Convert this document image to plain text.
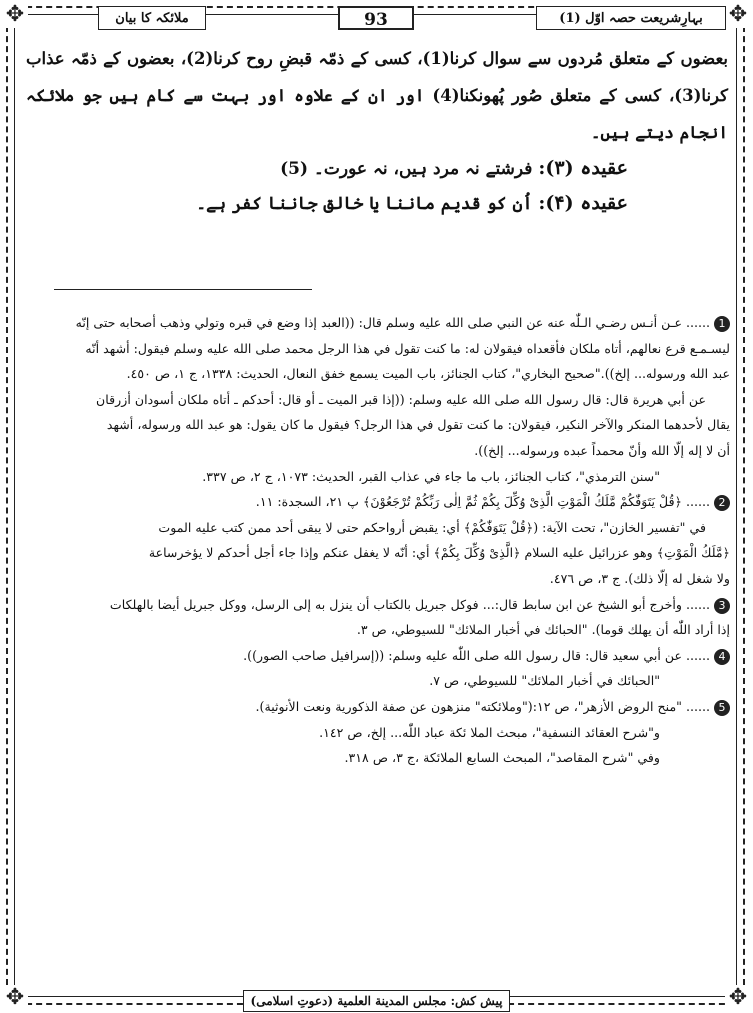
✥	✥
✥	✥
بہارِشریعت حصہ اوّل (1)
93
ملائکہ کا بیان
بعضوں کے متعلق مُردوں سے سوال کرنا(1)، کسی کے ذمّہ قبضِ روح کرنا(2)، بعضوں کے ذمّہ عذاب کرنا(3)، کسی کے متعلق صُور پُھونکنا(4) اور ان کے علاوہ اور بہت سے کام ہیں جو ملائکہ انجام دیتے ہیں۔
عقیدہ (۳): فرشتے نہ مرد ہیں، نہ عورت۔ (5)
عقیدہ (۴): اُن کو قدیم ماننا یا خالق جاننا کفر ہے۔
1...... عـن أنـس رضـي الـلّٰه عنه عن النبي صلى الله عليه وسلم قال: ((العبد إذا وضع في قبره وتولي وذهب أصحابه حتى إنّه
ليسـمـع قرع نعالهم، أتاه ملكان فأقعداه فيقولان له: ما كنت تقول في هذا الرجل محمد صلى الله عليه وسلم فيقول: أشهد أنّه
عبد الله ورسوله... إلخ))."صحيح البخاري"، كتاب الجنائز، باب الميت يسمع خفق النعال، الحديث: ١٣٣٨، ج ١، ص ٤٥٠.
عن أبي هريرة قال: قال رسول الله صلى الله عليه وسلم: ((إذا قبر الميت ـ أو قال: أحدكم ـ أتاه ملكان أسودان أزرقان
يقال لأحدهما المنكر والآخر النكير، فيقولان: ما كنت تقول في هذا الرجل؟ فيقول ما كان يقول: هو عبد الله ورسوله، أشهد
أن لا إله إلّا الله وأنّ محمداً عبده ورسوله... إلخ)).
"سنن الترمذي"، كتاب الجنائز، باب ما جاء في عذاب القبر، الحديث: ١٠٧٣، ج ٢، ص ٣٣٧.
2...... ﴿قُلْ يَتَوَفّٰكُمْ مَّلَكُ الْمَوْتِ الَّذِىْ وُكِّلَ بِكُمْ ثُمَّ اِلٰى رَبِّكُمْ تُرْجَعُوْنَ﴾ پ ٢١، السجدة: ١١.
في "تفسير الخازن"، تحت الآية: (﴿قُلْ يَتَوَفّٰكُمْ﴾ أي: يقبض أرواحكم حتى لا يبقى أحد ممن كتب عليه الموت
﴿مَّلَكُ الْمَوْتِ﴾ وهو عزرائيل عليه السلام ﴿الَّذِىْ وُكِّلَ بِكُمْ﴾ أي: أنّه لا يغفل عنكم وإذا جاء أجل أحدكم لا يؤخرساعة
ولا شغل له إلّا ذلك). ج ٣، ص ٤٧٦.
3...... وأخرج أبو الشيخ عن ابن سابط قال:... فوكل جبريل بالكتاب أن ينزل به إلى الرسل، ووكل جبريل أيضا بالهلكات
إذا أراد اللّٰه أن يهلك قوما). "الحبائك في أخبار الملائك" للسيوطي، ص ٣.
4...... عن أبي سعيد قال: قال رسول الله صلى اللّٰه عليه وسلم: ((إسرافيل صاحب الصور)).
"الحبائك في أخبار الملائك" للسيوطي، ص ٧.
5...... "منح الروض الأزهر"، ص ١٢:("وملائكته" منزهون عن صفة الذكورية ونعت الأنوثية).
و"شرح العقائد النسفية"، مبحث الملا ئكة عباد اللّٰه... إلخ، ص ١٤٢.
وفي "شرح المقاصد"، المبحث السابع الملائكة ،ج ٣، ص ٣١٨.
پیش کش: مجلس المدینة العلمیة (دعوتِ اسلامی)
